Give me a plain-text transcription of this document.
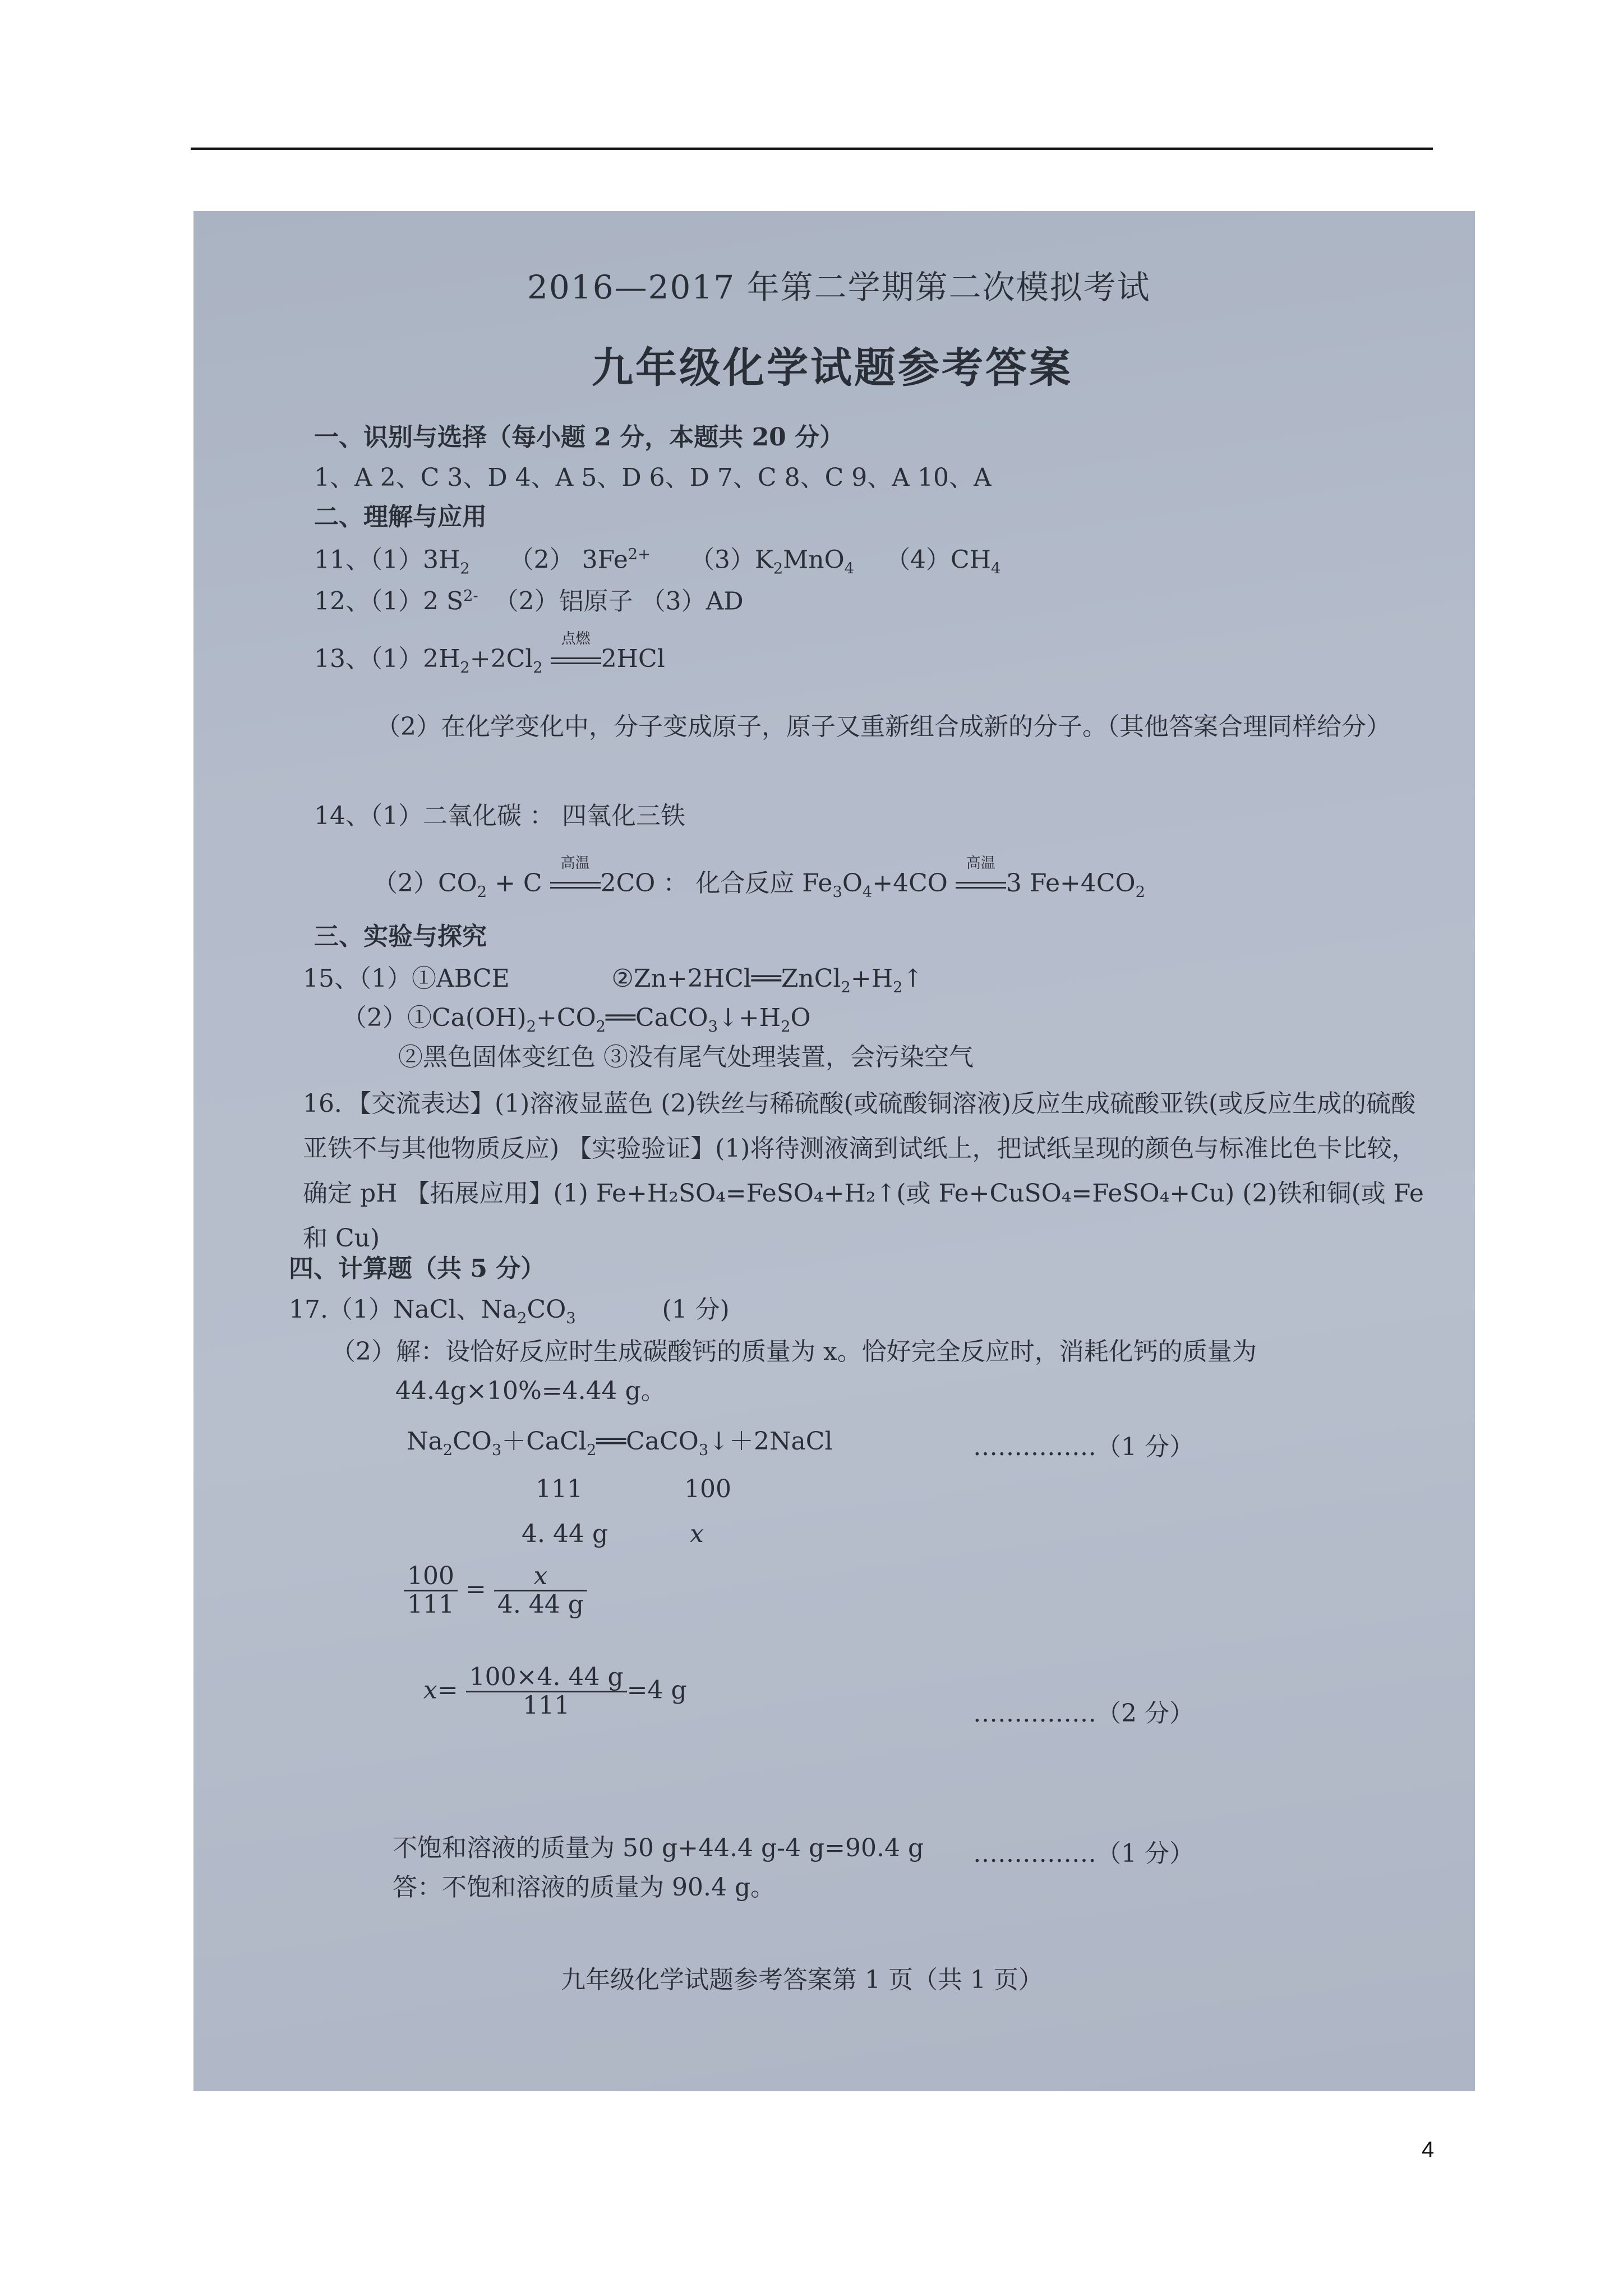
2016—2017 年第二学期第二次模拟考试
九年级化学试题参考答案
一、识别与选择（每小题 2 分，本题共 20 分）
1、A 2、C 3、D 4、A 5、D 6、D 7、C 8、C 9、A 10、A
二、理解与应用
11、$(1)3H_2$ （2） $3Fe^{2+}$ $(3)K_2MnO_4$ $(4)CH_4$
12、（1）2 $S^{2-}$ （2）铝原子 （3）AD
13、$(1)2H_2+2Cl_2$
点燃
2HCl
（2）在化学变化中，分子变成原子，原子又重新组合成新的分子。（其他答案合理同样给分）
14、（1）二氧化碳 ： 四氧化三铁
$(2)CO_2 + C$
高温
2CO ： 化合反应 $Fe_3O_4+4CO$
高温
3 $Fe+4CO_2$
三、实验与探究
15、（1）①ABCE	$②Zn+2HCl══ZnCl_2+H_2↑$
$(2)①Ca(OH)_2+CO_2══CaCO_3↓+H_2O$
②黑色固体变红色 ③没有尾气处理装置，会污染空气
16．【交流表达】(1)溶液显蓝色 (2)铁丝与稀硫酸(或硫酸铜溶液)反应生成硫酸亚铁(或反应生成的硫酸亚铁不与其他物质反应) 【实验验证】(1)将待测液滴到试纸上，把试纸呈现的颜色与标准比色卡比较，确定 pH 【拓展应用】(1) Fe+H₂SO₄=FeSO₄+H₂↑(或 Fe+CuSO₄=FeSO₄+Cu) (2)铁和铜(或 Fe 和 Cu)
四、计算题（共 5 分）
17.（1）NaCl、$Na_2CO_3$	(1 分)
（2）解：设恰好反应时生成碳酸钙的质量为 x。恰好完全反应时，消耗化钙的质量为
44.4g×10%=4.44 g。
$Na_2CO_3+CaCl_2══CaCO_3↓+2NaCl$	……………（1 分）
111	100
4. 44 g	x
$\frac{100}{111} = \frac{x}{4. 44 g}$
$x= \frac{100\times 4. 44 g}{111} =4$ g
……………（2 分）
不饱和溶液的质量为 50 g+44.4 g-4 g=90.4 g ……………（1 分）
答：不饱和溶液的质量为 90.4 g。
九年级化学试题参考答案第 1 页（共 1 页）
4
